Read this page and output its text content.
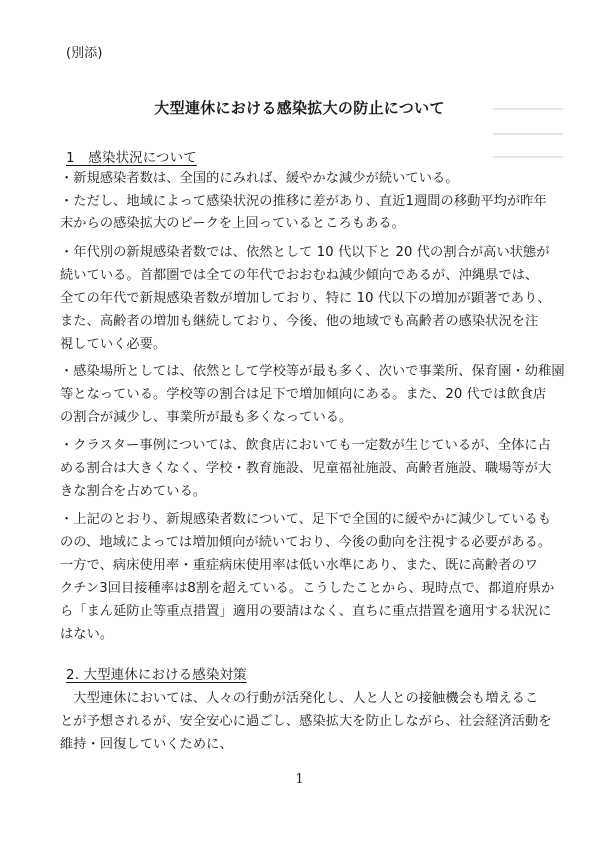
(別添)
大型連休における感染拡大の防止について
1　感染状況について
・新規感染者数は、全国的にみれば、緩やかな減少が続いている。
・ただし、地域によって感染状況の推移に差があり、直近1週間の移動平均が昨年
末からの感染拡大のピークを上回っているところもある。
・年代別の新規感染者数では、依然として 10 代以下と 20 代の割合が高い状態が
続いている。首都圏では全ての年代でおおむね減少傾向であるが、沖縄県では、
全ての年代で新規感染者数が増加しており、特に 10 代以下の増加が顕著であり、
また、高齢者の増加も継続しており、今後、他の地域でも高齢者の感染状況を注
視していく必要。
・感染場所としては、依然として学校等が最も多く、次いで事業所、保育園・幼稚園
等となっている。学校等の割合は足下で増加傾向にある。また、20 代では飲食店
の割合が減少し、事業所が最も多くなっている。
・クラスター事例については、飲食店においても一定数が生じているが、全体に占
める割合は大きくなく、学校・教育施設、児童福祉施設、高齢者施設、職場等が大
きな割合を占めている。
・上記のとおり、新規感染者数について、足下で全国的に緩やかに減少しているも
のの、地域によっては増加傾向が続いており、今後の動向を注視する必要がある。
一方で、病床使用率・重症病床使用率は低い水準にあり、また、既に高齢者のワ
クチン3回目接種率は8割を超えている。こうしたことから、現時点で、都道府県か
ら「まん延防止等重点措置」適用の要請はなく、直ちに重点措置を適用する状況に
はない。
2. 大型連休における感染対策
　大型連休においては、人々の行動が活発化し、人と人との接触機会も増えるこ
とが予想されるが、安全安心に過ごし、感染拡大を防止しながら、社会経済活動を
維持・回復していくために、
1
